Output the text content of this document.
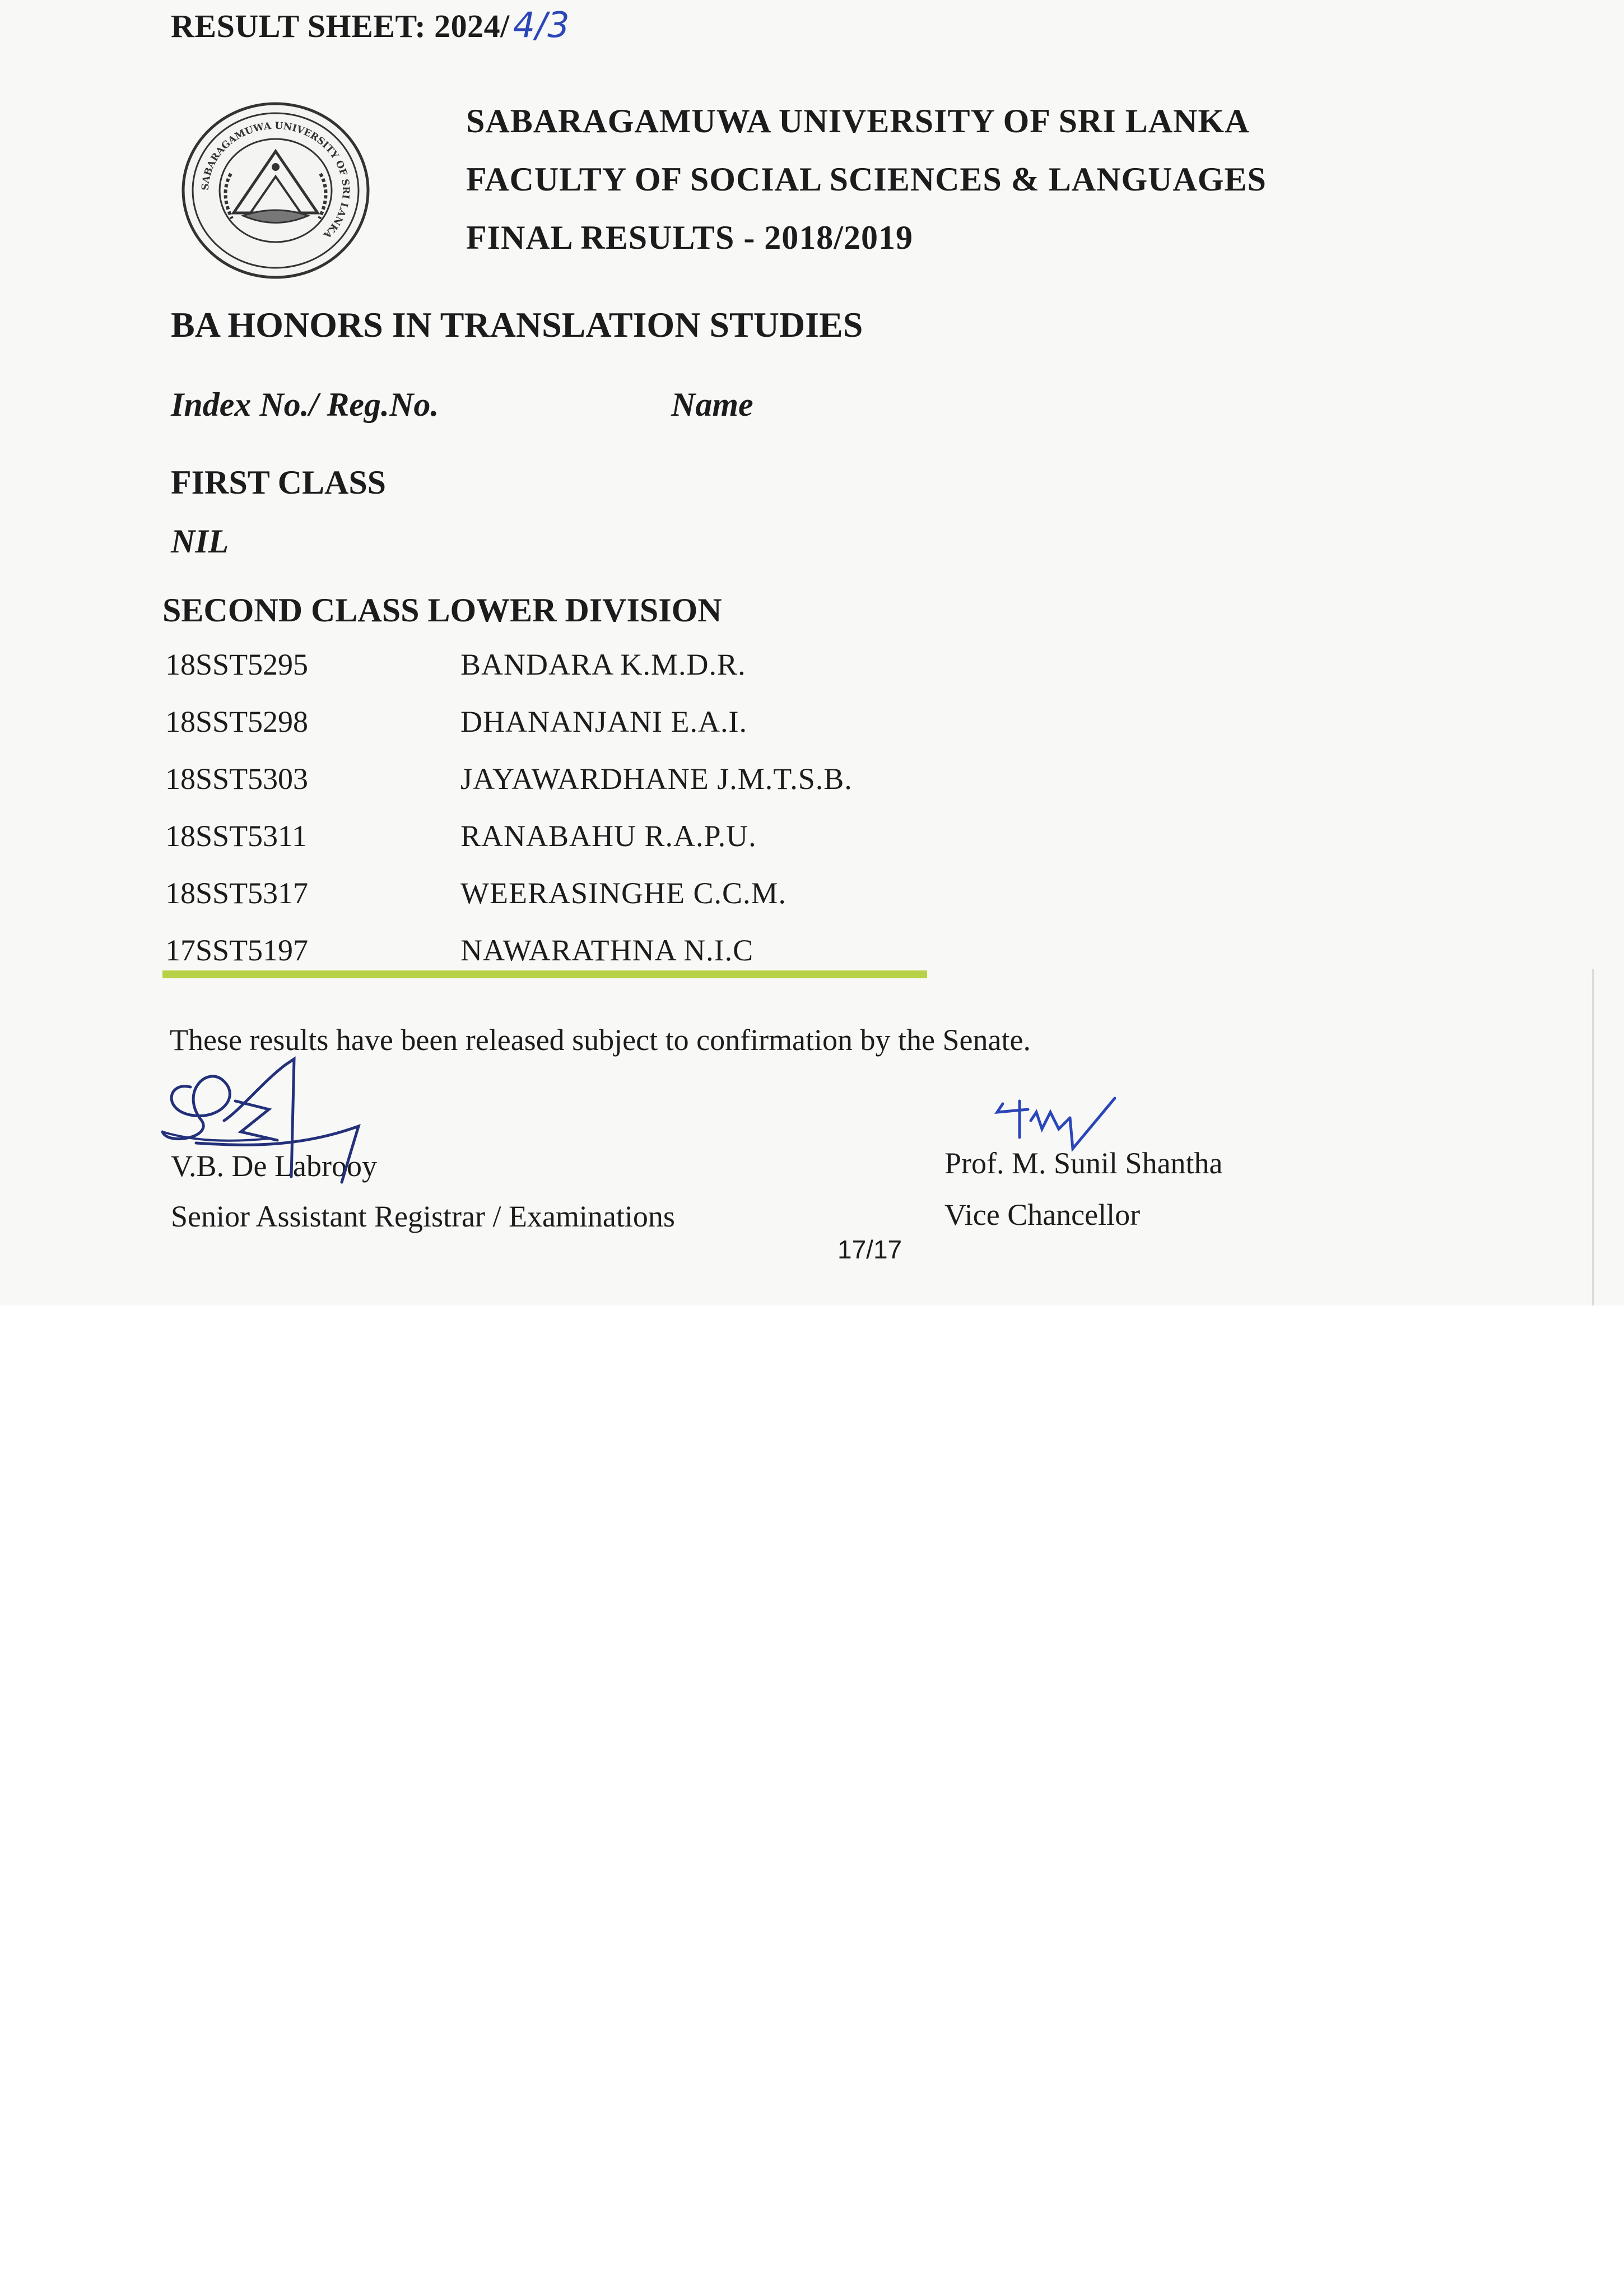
RESULT SHEET: 2024/4/3
SABARAGAMUWA UNIVERSITY OF SRI LANKA
SABARAGAMUWA UNIVERSITY OF SRI LANKA
FACULTY OF SOCIAL SCIENCES & LANGUAGES
FINAL RESULTS - 2018/2019
BA HONORS IN TRANSLATION STUDIES
Index No./ Reg.No.	Name
FIRST CLASS
NIL
SECOND CLASS LOWER DIVISION
18SST5295	BANDARA K.M.D.R.
18SST5298	DHANANJANI E.A.I.
18SST5303	JAYAWARDHANE J.M.T.S.B.
18SST5311	RANABAHU R.A.P.U.
18SST5317	WEERASINGHE C.C.M.
17SST5197	NAWARATHNA N.I.C
These results have been released subject to confirmation by the Senate.
V.B. De Labrooy
Senior Assistant Registrar / Examinations
Prof. M. Sunil Shantha
Vice Chancellor
17/17
